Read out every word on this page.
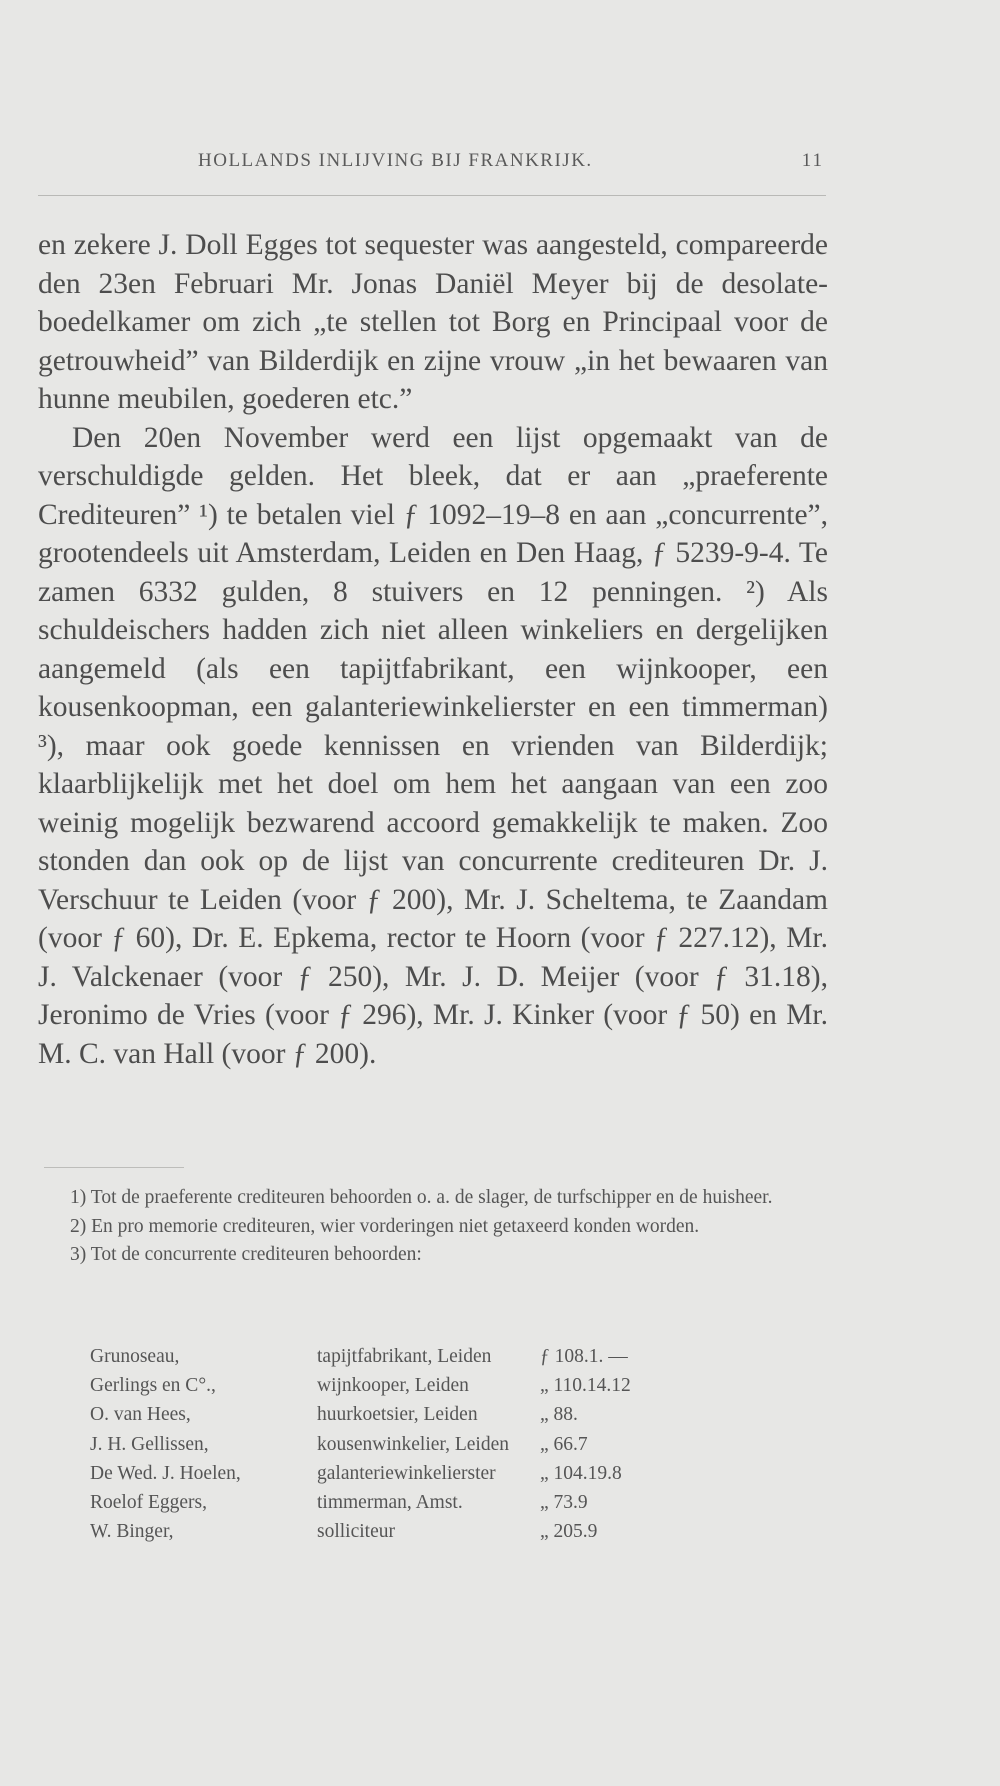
HOLLANDS INLIJVING BIJ FRANKRIJK.	11

en zekere J. Doll Egges tot sequester was aangesteld, compareerde den 23en Februari Mr. Jonas Daniël Meyer bij de desolate-boedelkamer om zich „te stellen tot Borg en Principaal voor de getrouwheid” van Bilderdijk en zijne vrouw „in het bewaaren van hunne meubilen, goederen etc.”

Den 20en November werd een lijst opgemaakt van de verschuldigde gelden. Het bleek, dat er aan „praeferente Crediteuren” ¹) te betalen viel ƒ 1092–19–8 en aan „concurrente”, grootendeels uit Amsterdam, Leiden en Den Haag, ƒ 5239-9-4. Te zamen 6332 gulden, 8 stuivers en 12 penningen. ²) Als schuldeischers hadden zich niet alleen winkeliers en dergelijken aangemeld (als een tapijtfabrikant, een wijnkooper, een kousenkoopman, een galanteriewinkelierster en een timmerman) ³), maar ook goede kennissen en vrienden van Bilderdijk; klaarblijkelijk met het doel om hem het aangaan van een zoo weinig mogelijk bezwarend accoord gemakkelijk te maken. Zoo stonden dan ook op de lijst van concurrente crediteuren Dr. J. Verschuur te Leiden (voor ƒ 200), Mr. J. Scheltema, te Zaandam (voor ƒ 60), Dr. E. Epkema, rector te Hoorn (voor ƒ 227.12), Mr. J. Valckenaer (voor ƒ 250), Mr. J. D. Meijer (voor ƒ 31.18), Jeronimo de Vries (voor ƒ 296), Mr. J. Kinker (voor ƒ 50) en Mr. M. C. van Hall (voor ƒ 200).

1) Tot de praeferente crediteuren behoorden o. a. de slager, de turfschipper en de huisheer.

2) En pro memorie crediteuren, wier vorderingen niet getaxeerd konden worden.

3) Tot de concurrente crediteuren behoorden:

Grunoseau,	tapijtfabrikant, Leiden ƒ 108.1. —
Gerlings en C°.,	wijnkooper, Leiden	„ 110.14.12
O. van Hees,	huurkoetsier, Leiden	„ 88.
J. H. Gellissen,	kousenwinkelier, Leiden „ 66.7
De Wed. J. Hoelen,	galanteriewinkelierster „ 104.19.8
Roelof Eggers,	timmerman, Amst.	„ 73.9
W. Binger,	solliciteur	„ 205.9
